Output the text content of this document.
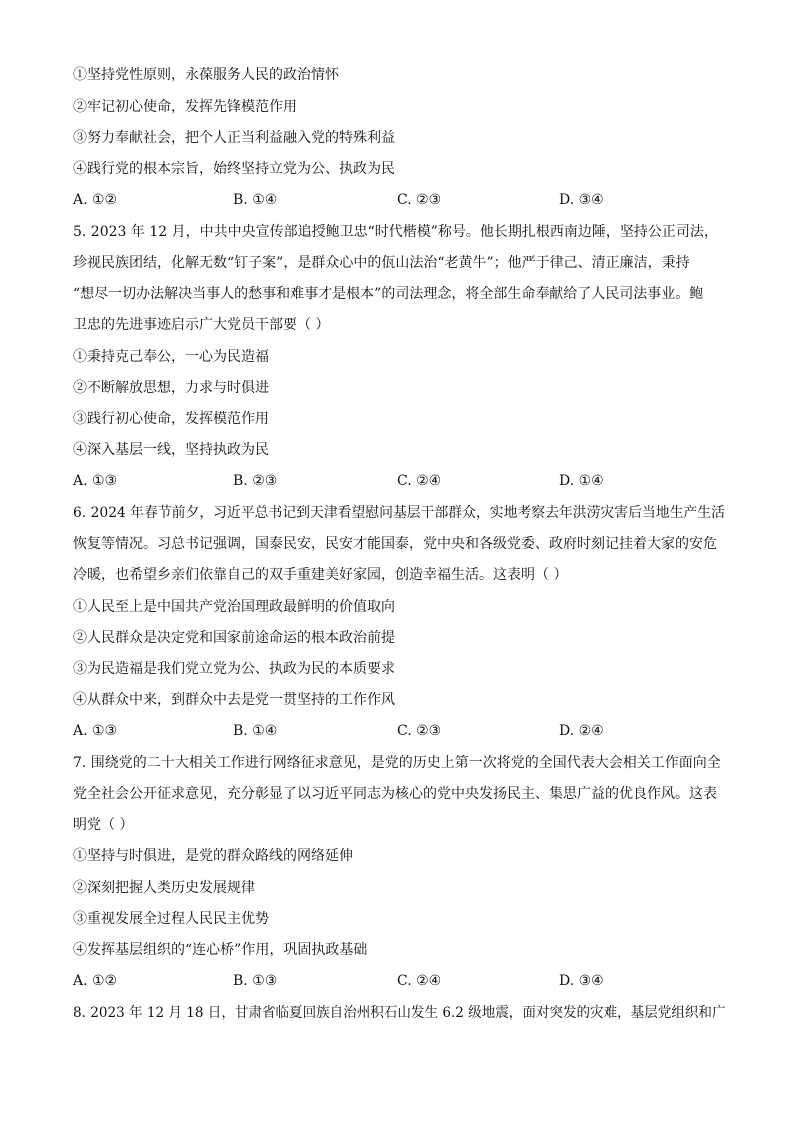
①坚持党性原则，永葆服务人民的政治情怀
②牢记初心使命，发挥先锋模范作用
③努力奉献社会，把个人正当利益融入党的特殊利益
④践行党的根本宗旨，始终坚持立党为公、执政为民
A. ①②	B. ①④	C. ②③	D. ③④
5. 2023 年 12 月，中共中央宣传部追授鲍卫忠“时代楷模”称号。他长期扎根西南边陲，坚持公正司法，
珍视民族团结，化解无数“钉子案”，是群众心中的佤山法治“老黄牛”；他严于律己、清正廉洁，秉持
“想尽一切办法解决当事人的愁事和难事才是根本”的司法理念，将全部生命奉献给了人民司法事业。鲍
卫忠的先进事迹启示广大党员干部要（ ）
①秉持克己奉公，一心为民造福
②不断解放思想，力求与时俱进
③践行初心使命，发挥模范作用
④深入基层一线，坚持执政为民
A. ①③	B. ②③	C. ②④	D. ①④
6. 2024 年春节前夕，习近平总书记到天津看望慰问基层干部群众，实地考察去年洪涝灾害后当地生产生活
恢复等情况。习总书记强调，国泰民安，民安才能国泰，党中央和各级党委、政府时刻记挂着大家的安危
冷暖，也希望乡亲们依靠自己的双手重建美好家园，创造幸福生活。这表明（ ）
①人民至上是中国共产党治国理政最鲜明的价值取向
②人民群众是决定党和国家前途命运的根本政治前提
③为民造福是我们党立党为公、执政为民的本质要求
④从群众中来，到群众中去是党一贯坚持的工作作风
A. ①③	B. ①④	C. ②③	D. ②④
7. 围绕党的二十大相关工作进行网络征求意见，是党的历史上第一次将党的全国代表大会相关工作面向全
党全社会公开征求意见，充分彰显了以习近平同志为核心的党中央发扬民主、集思广益的优良作风。这表
明党（ ）
①坚持与时俱进，是党的群众路线的网络延伸
②深刻把握人类历史发展规律
③重视发展全过程人民民主优势
④发挥基层组织的“连心桥”作用，巩固执政基础
A. ①②	B. ①③	C. ②④	D. ③④
8. 2023 年 12 月 18 日，甘肃省临夏回族自治州积石山发生 6.2 级地震，面对突发的灾难，基层党组织和广
